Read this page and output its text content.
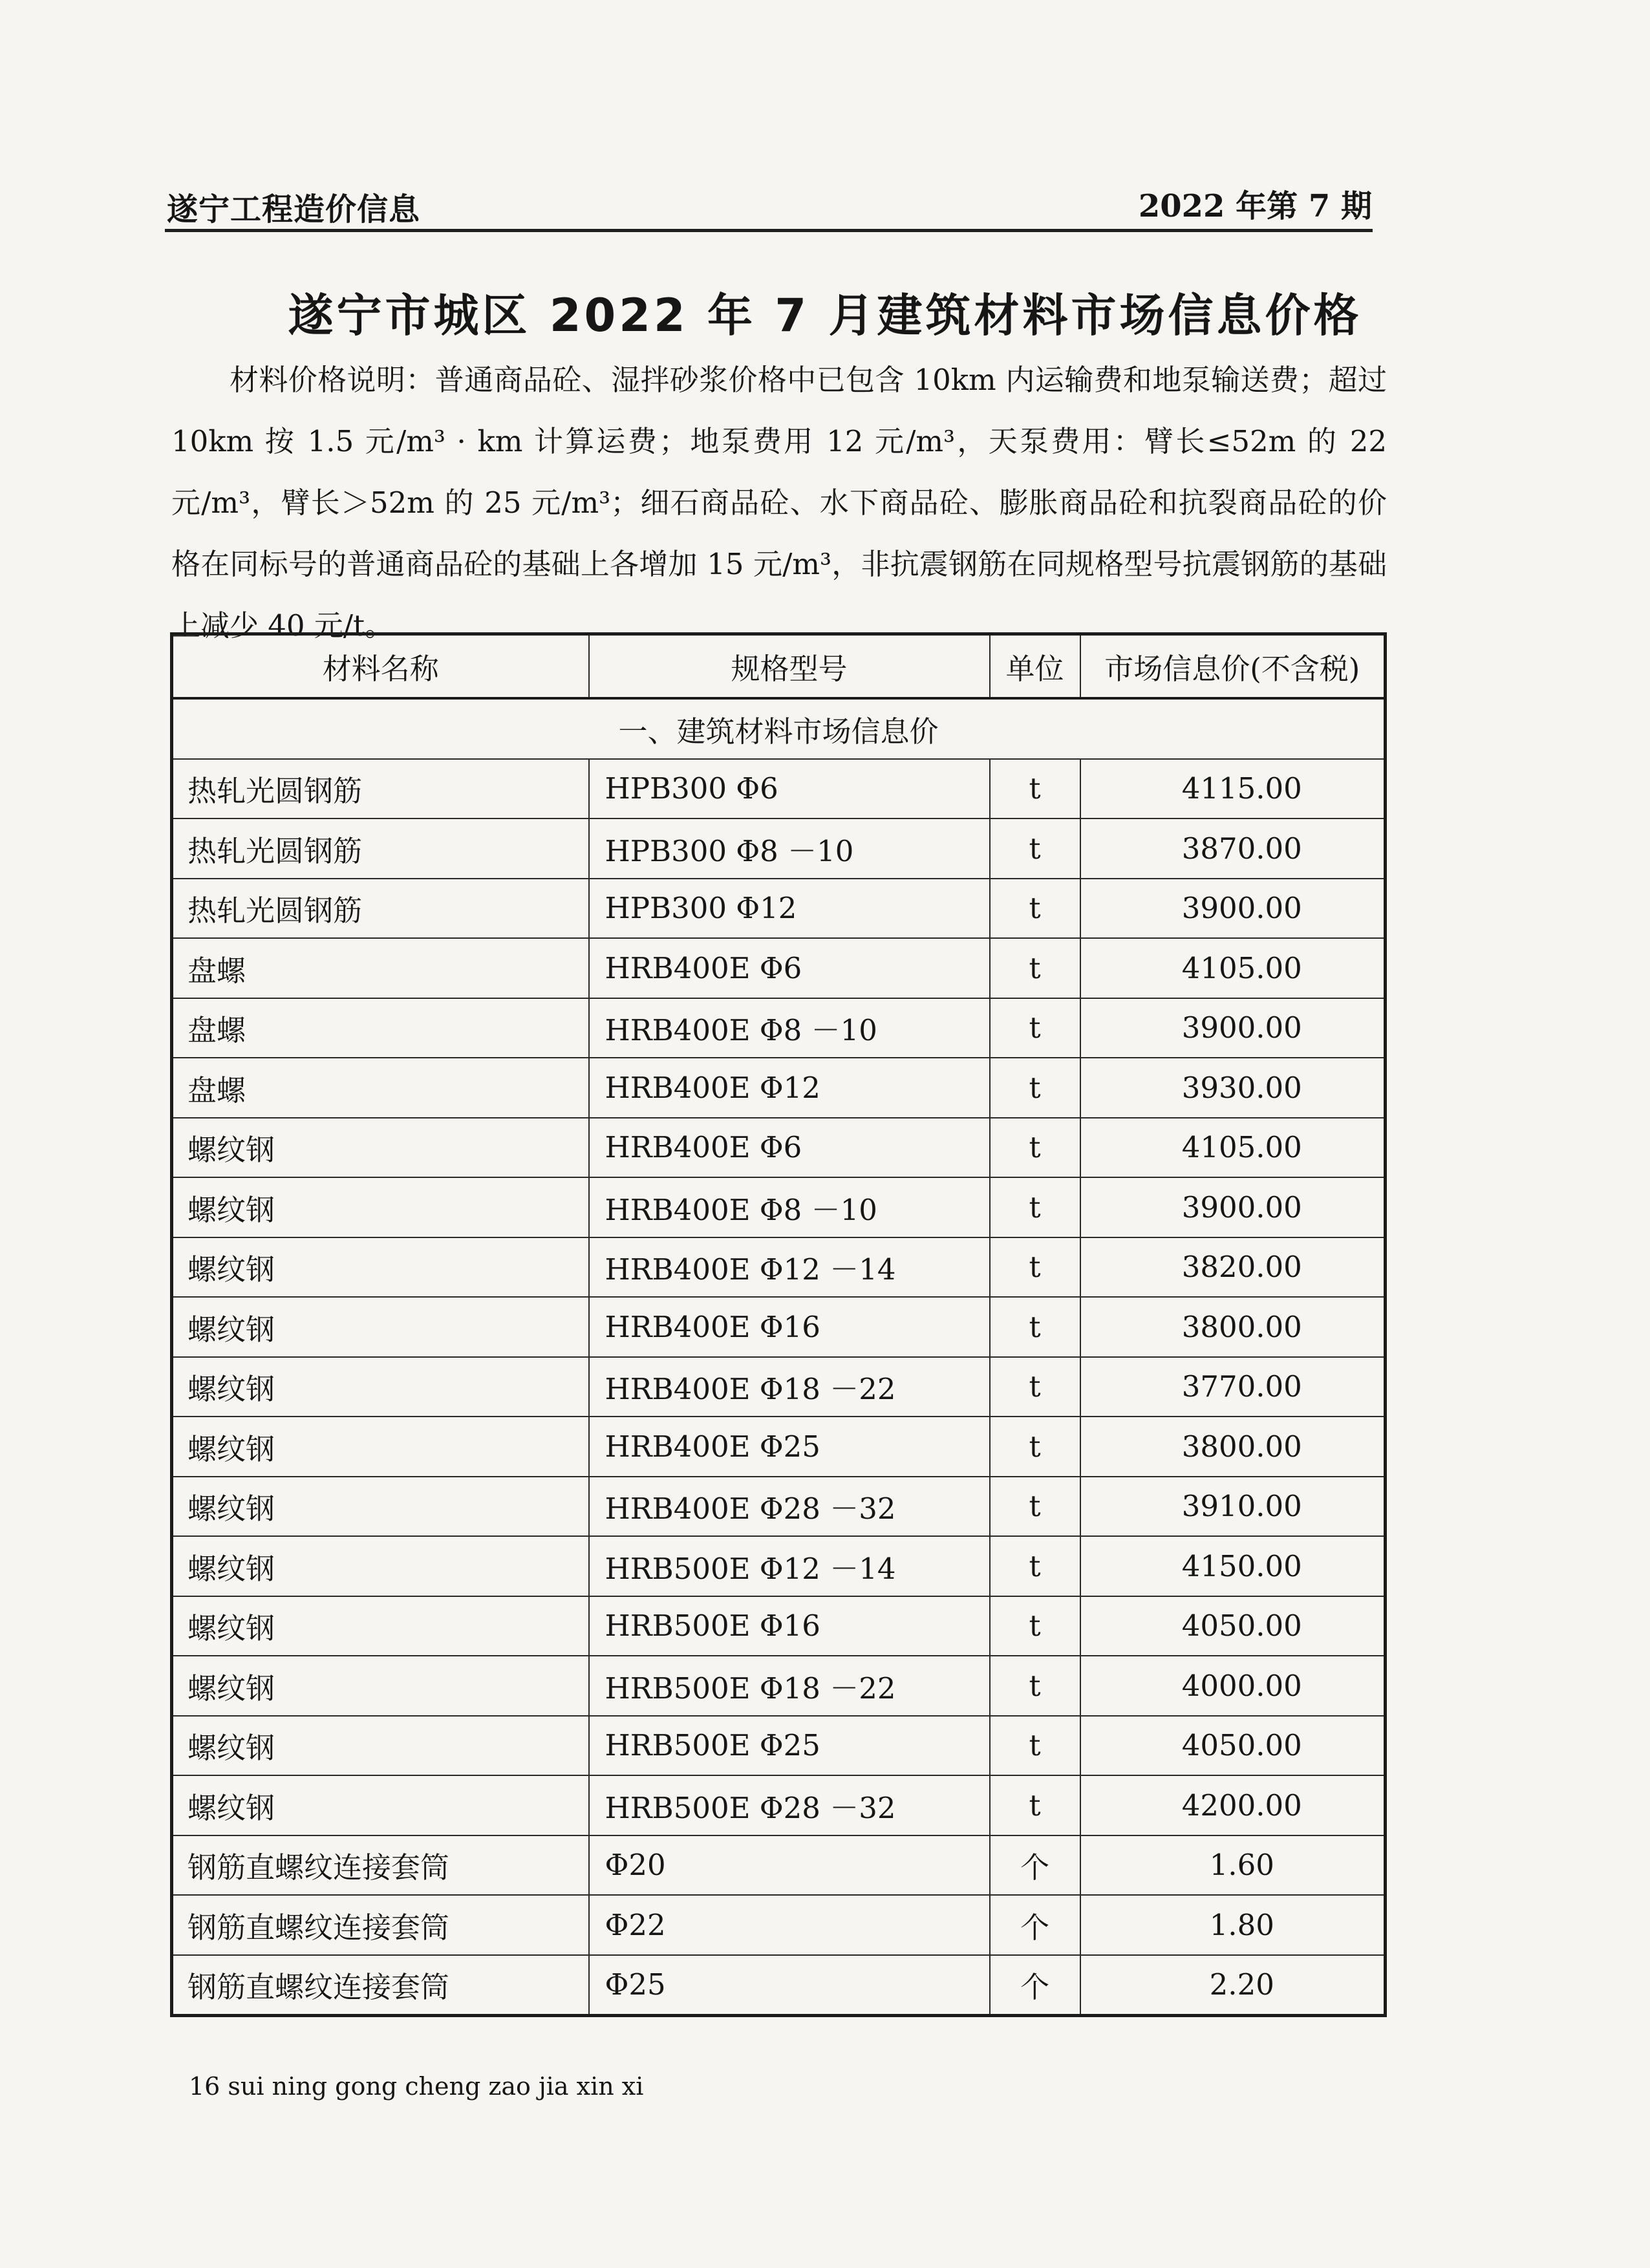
遂宁工程造价信息	2022 年第 7 期
遂宁市城区 2022 年 7 月建筑材料市场信息价格

材料价格说明：普通商品砼、湿拌砂浆价格中已包含 10km 内运输费和地泵输送费；超过 10km 按 1.5 元/m³ · km 计算运费；地泵费用 12 元/m³，天泵费用：臂长≤52m 的 22 元/m³，臂长＞52m 的 25 元/m³；细石商品砼、水下商品砼、膨胀商品砼和抗裂商品砼的价格在同标号的普通商品砼的基础上各增加 15 元/m³，非抗震钢筋在同规格型号抗震钢筋的基础上减少 40 元/t。

材料名称	规格型号	单位	市场信息价(不含税)
一、建筑材料市场信息价			
热轧光圆钢筋	HPB300 Φ6	t	4115.00
热轧光圆钢筋	HPB300 Φ8 －10	t	3870.00
热轧光圆钢筋	HPB300 Φ12	t	3900.00
盘螺	HRB400E Φ6	t	4105.00
盘螺	HRB400E Φ8 －10	t	3900.00
盘螺	HRB400E Φ12	t	3930.00
螺纹钢	HRB400E Φ6	t	4105.00
螺纹钢	HRB400E Φ8 －10	t	3900.00
螺纹钢	HRB400E Φ12 －14	t	3820.00
螺纹钢	HRB400E Φ16	t	3800.00
螺纹钢	HRB400E Φ18 －22	t	3770.00
螺纹钢	HRB400E Φ25	t	3800.00
螺纹钢	HRB400E Φ28 －32	t	3910.00
螺纹钢	HRB500E Φ12 －14	t	4150.00
螺纹钢	HRB500E Φ16	t	4050.00
螺纹钢	HRB500E Φ18 －22	t	4000.00
螺纹钢	HRB500E Φ25	t	4050.00
螺纹钢	HRB500E Φ28 －32	t	4200.00
钢筋直螺纹连接套筒	Φ20	个	1.60
钢筋直螺纹连接套筒	Φ22	个	1.80
钢筋直螺纹连接套筒	Φ25	个	2.20
16 sui ning gong cheng zao jia xin xi
